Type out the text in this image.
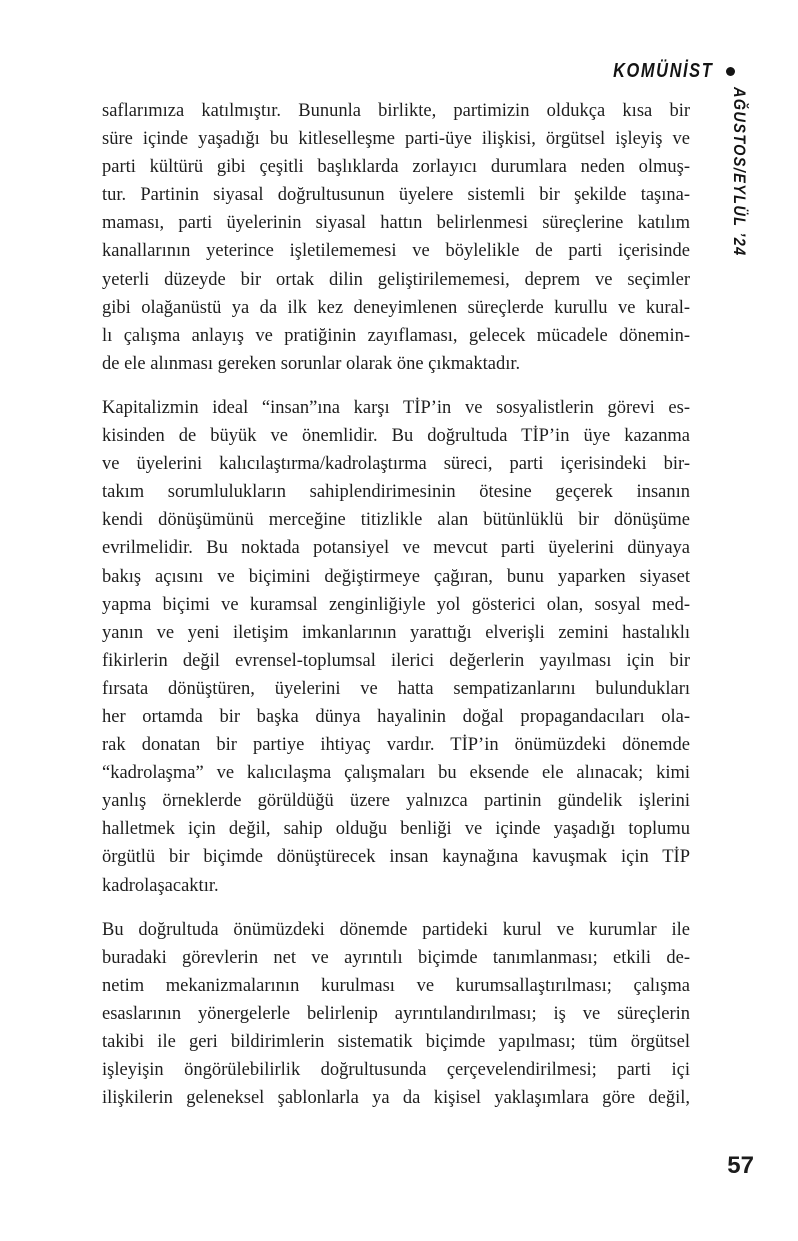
KOMÜNİST
AĞUSTOS/EYLÜL ’24

saflarımıza katılmıştır. Bununla birlikte, partimizin oldukça kısa bir
süre içinde yaşadığı bu kitleselleşme parti-üye ilişkisi, örgütsel işleyiş ve
parti kültürü gibi çeşitli başlıklarda zorlayıcı durumlara neden olmuş-
tur. Partinin siyasal doğrultusunun üyelere sistemli bir şekilde taşına-
maması, parti üyelerinin siyasal hattın belirlenmesi süreçlerine katılım
kanallarının yeterince işletilememesi ve böylelikle de parti içerisinde
yeterli düzeyde bir ortak dilin geliştirilememesi, deprem ve seçimler
gibi olağanüstü ya da ilk kez deneyimlenen süreçlerde kurullu ve kural-
lı çalışma anlayış ve pratiğinin zayıflaması, gelecek mücadele dönemin-
de ele alınması gereken sorunlar olarak öne çıkmaktadır.

Kapitalizmin ideal “insan”ına karşı TİP’in ve sosyalistlerin görevi es-
kisinden de büyük ve önemlidir. Bu doğrultuda TİP’in üye kazanma
ve üyelerini kalıcılaştırma/kadrolaştırma süreci, parti içerisindeki bir-
takım sorumlulukların sahiplendirimesinin ötesine geçerek insanın
kendi dönüşümünü merceğine titizlikle alan bütünlüklü bir dönüşüme
evrilmelidir. Bu noktada potansiyel ve mevcut parti üyelerini dünyaya
bakış açısını ve biçimini değiştirmeye çağıran, bunu yaparken siyaset
yapma biçimi ve kuramsal zenginliğiyle yol gösterici olan, sosyal med-
yanın ve yeni iletişim imkanlarının yarattığı elverişli zemini hastalıklı
fikirlerin değil evrensel-toplumsal ilerici değerlerin yayılması için bir
fırsata dönüştüren, üyelerini ve hatta sempatizanlarını bulundukları
her ortamda bir başka dünya hayalinin doğal propagandacıları ola-
rak donatan bir partiye ihtiyaç vardır. TİP’in önümüzdeki dönemde
“kadrolaşma” ve kalıcılaşma çalışmaları bu eksende ele alınacak; kimi
yanlış örneklerde görüldüğü üzere yalnızca partinin gündelik işlerini
halletmek için değil, sahip olduğu benliği ve içinde yaşadığı toplumu
örgütlü bir biçimde dönüştürecek insan kaynağına kavuşmak için TİP
kadrolaşacaktır.

Bu doğrultuda önümüzdeki dönemde partideki kurul ve kurumlar ile
buradaki görevlerin net ve ayrıntılı biçimde tanımlanması; etkili de-
netim mekanizmalarının kurulması ve kurumsallaştırılması; çalışma
esaslarının yönergelerle belirlenip ayrıntılandırılması; iş ve süreçlerin
takibi ile geri bildirimlerin sistematik biçimde yapılması; tüm örgütsel
işleyişin öngörülebilirlik doğrultusunda çerçevelendirilmesi; parti içi
ilişkilerin geleneksel şablonlarla ya da kişisel yaklaşımlara göre değil,

57
